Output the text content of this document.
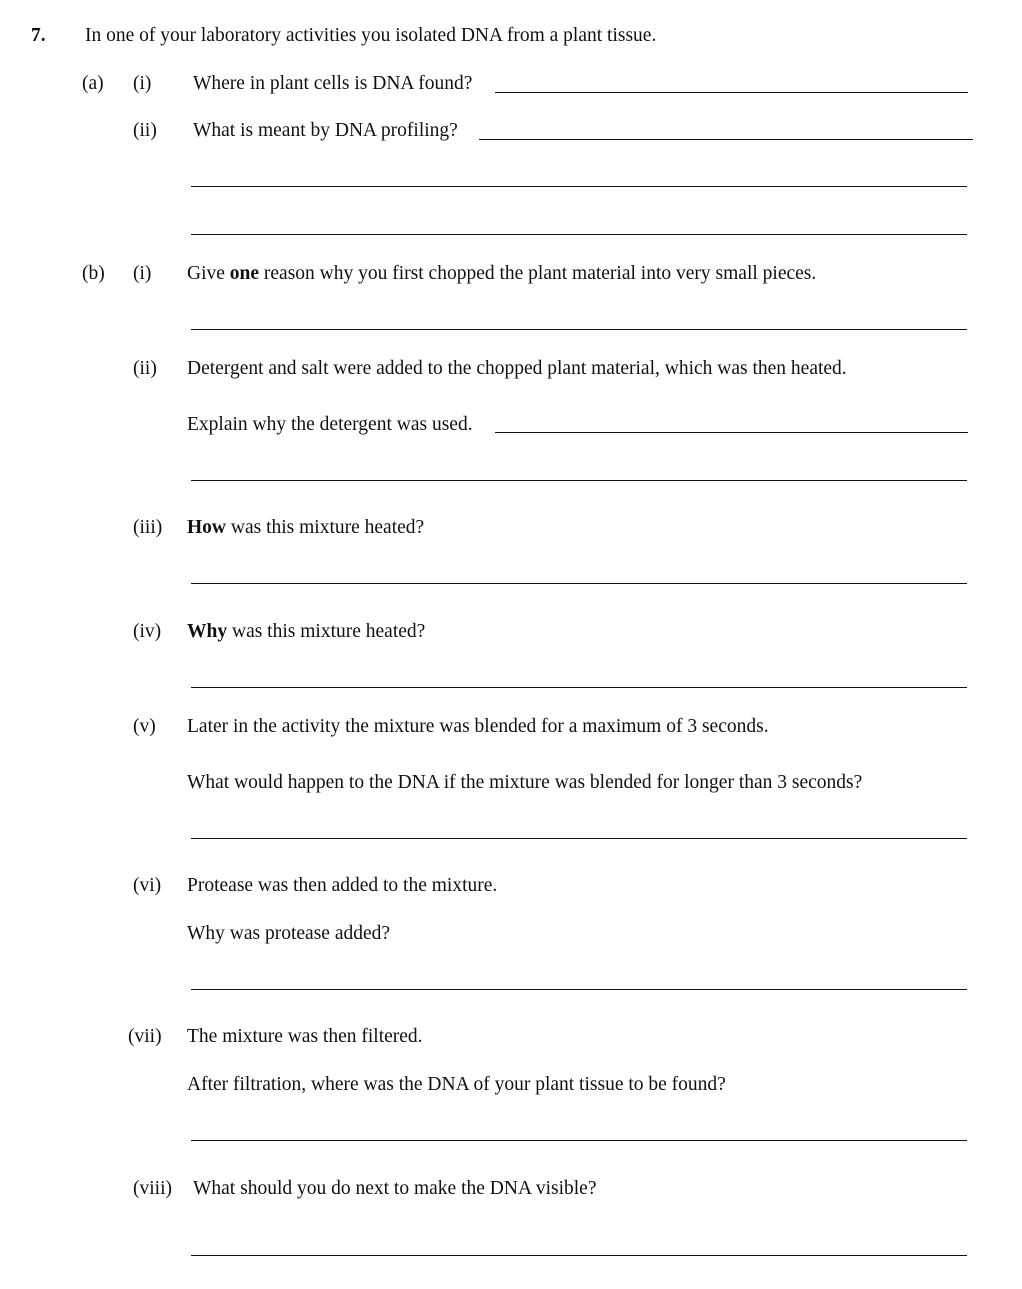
7. In one of your laboratory activities you isolated DNA from a plant tissue.
(a) (i) Where in plant cells is DNA found?
(ii) What is meant by DNA profiling?
(b) (i) Give one reason why you first chopped the plant material into very small pieces.
(ii) Detergent and salt were added to the chopped plant material, which was then heated.
Explain why the detergent was used.
(iii) How was this mixture heated?
(iv) Why was this mixture heated?
(v) Later in the activity the mixture was blended for a maximum of 3 seconds.
What would happen to the DNA if the mixture was blended for longer than 3 seconds?
(vi) Protease was then added to the mixture.
Why was protease added?
(vii) The mixture was then filtered.
After filtration, where was the DNA of your plant tissue to be found?
(viii) What should you do next to make the DNA visible?
